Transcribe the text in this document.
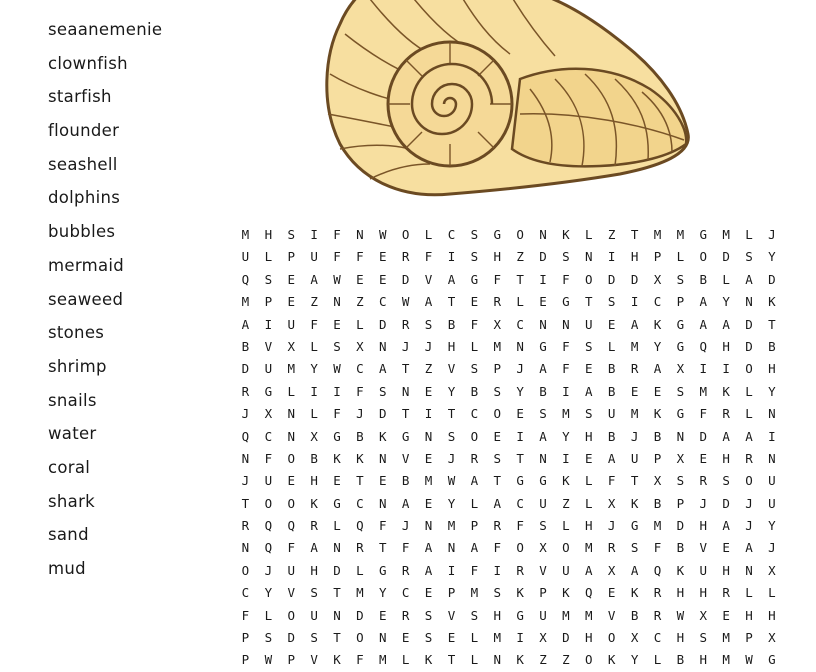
seaanemenie
clownfish
starfish
flounder
seashell
dolphins
bubbles
mermaid
seaweed
stones
shrimp
snails
water
coral
shark
sand
mud
M	H	S	I	F	N	W	O	L	C	S	G	O	N	K	L	Z	T	M	M	G	M	L	J
U	L	P	U	F	F	E	R	F	I	S	H	Z	D	S	N	I	H	P	L	O	D	S	Y
Q	S	E	A	W	E	E	D	V	A	G	F	T	I	F	O	D	D	X	S	B	L	A	D
M	P	E	Z	N	Z	C	W	A	T	E	R	L	E	G	T	S	I	C	P	A	Y	N	K
A	I	U	F	E	L	D	R	S	B	F	X	C	N	N	U	E	A	K	G	A	A	D	T
B	V	X	L	S	X	N	J	J	H	L	M	N	G	F	S	L	M	Y	G	Q	H	D	B
D	U	M	Y	W	C	A	T	Z	V	S	P	J	A	F	E	B	R	A	X	I	I	O	H
R	G	L	I	I	F	S	N	E	Y	B	S	Y	B	I	A	B	E	E	S	M	K	L	Y
J	X	N	L	F	J	D	T	I	T	C	O	E	S	M	S	U	M	K	G	F	R	L	N
Q	C	N	X	G	B	K	G	N	S	O	E	I	A	Y	H	B	J	B	N	D	A	A	I
N	F	O	B	K	K	N	V	E	J	R	S	T	N	I	E	A	U	P	X	E	H	R	N
J	U	E	H	E	T	E	B	M	W	A	T	G	G	K	L	F	T	X	S	R	S	O	U
T	O	O	K	G	C	N	A	E	Y	L	A	C	U	Z	L	X	K	B	P	J	D	J	U
R	Q	Q	R	L	Q	F	J	N	M	P	R	F	S	L	H	J	G	M	D	H	A	J	Y
N	Q	F	A	N	R	T	F	A	N	A	F	O	X	O	M	R	S	F	B	V	E	A	J
O	J	U	H	D	L	G	R	A	I	F	I	R	V	U	A	X	A	Q	K	U	H	N	X
C	Y	V	S	T	M	Y	C	E	P	M	S	K	P	K	Q	E	K	R	H	H	R	L	L
F	L	O	U	N	D	E	R	S	V	S	H	G	U	M	M	V	B	R	W	X	E	H	H
P	S	D	S	T	O	N	E	S	E	L	M	I	X	D	H	O	X	C	H	S	M	P	X
P	W	P	V	K	F	M	L	K	T	L	N	K	Z	Z	O	K	Y	L	B	H	M	W	G
